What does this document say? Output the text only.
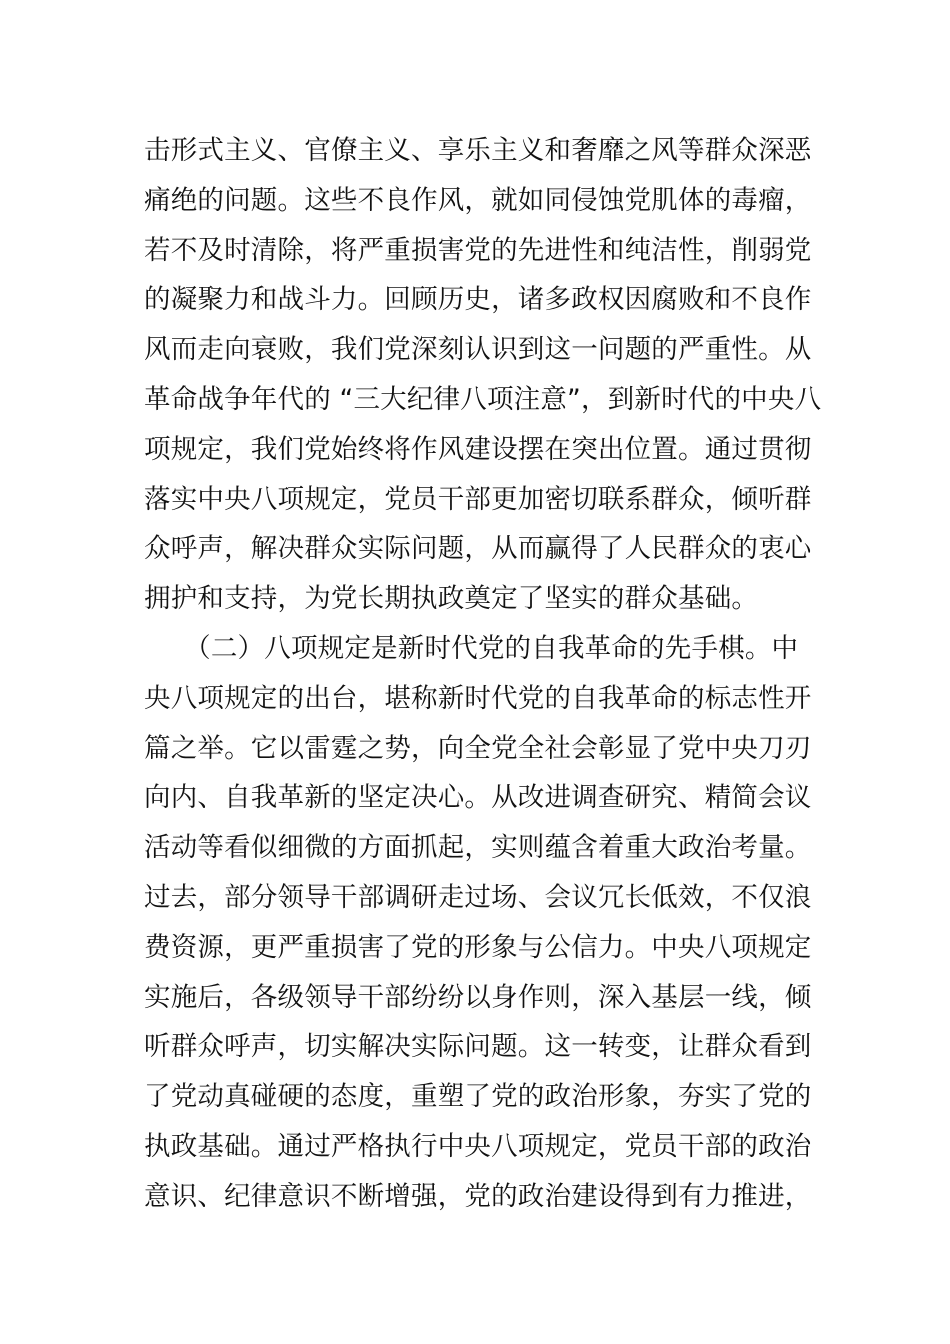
击形式主义、官僚主义、享乐主义和奢靡之风等群众深恶
痛绝的问题。这些不良作风，就如同侵蚀党肌体的毒瘤，
若不及时清除，将严重损害党的先进性和纯洁性，削弱党
的凝聚力和战斗力。回顾历史，诸多政权因腐败和不良作
风而走向衰败，我们党深刻认识到这一问题的严重性。从
革命战争年代的 “三大纪律八项注意”，到新时代的中央八
项规定，我们党始终将作风建设摆在突出位置。通过贯彻
落实中央八项规定，党员干部更加密切联系群众，倾听群
众呼声，解决群众实际问题，从而赢得了人民群众的衷心
拥护和支持，为党长期执政奠定了坚实的群众基础。
　　（二）八项规定是新时代党的自我革命的先手棋。中
央八项规定的出台，堪称新时代党的自我革命的标志性开
篇之举。它以雷霆之势，向全党全社会彰显了党中央刀刃
向内、自我革新的坚定决心。从改进调查研究、精简会议
活动等看似细微的方面抓起，实则蕴含着重大政治考量。
过去，部分领导干部调研走过场、会议冗长低效，不仅浪
费资源，更严重损害了党的形象与公信力。中央八项规定
实施后，各级领导干部纷纷以身作则，深入基层一线，倾
听群众呼声，切实解决实际问题。这一转变，让群众看到
了党动真碰硬的态度，重塑了党的政治形象，夯实了党的
执政基础。通过严格执行中央八项规定，党员干部的政治
意识、纪律意识不断增强，党的政治建设得到有力推进，
